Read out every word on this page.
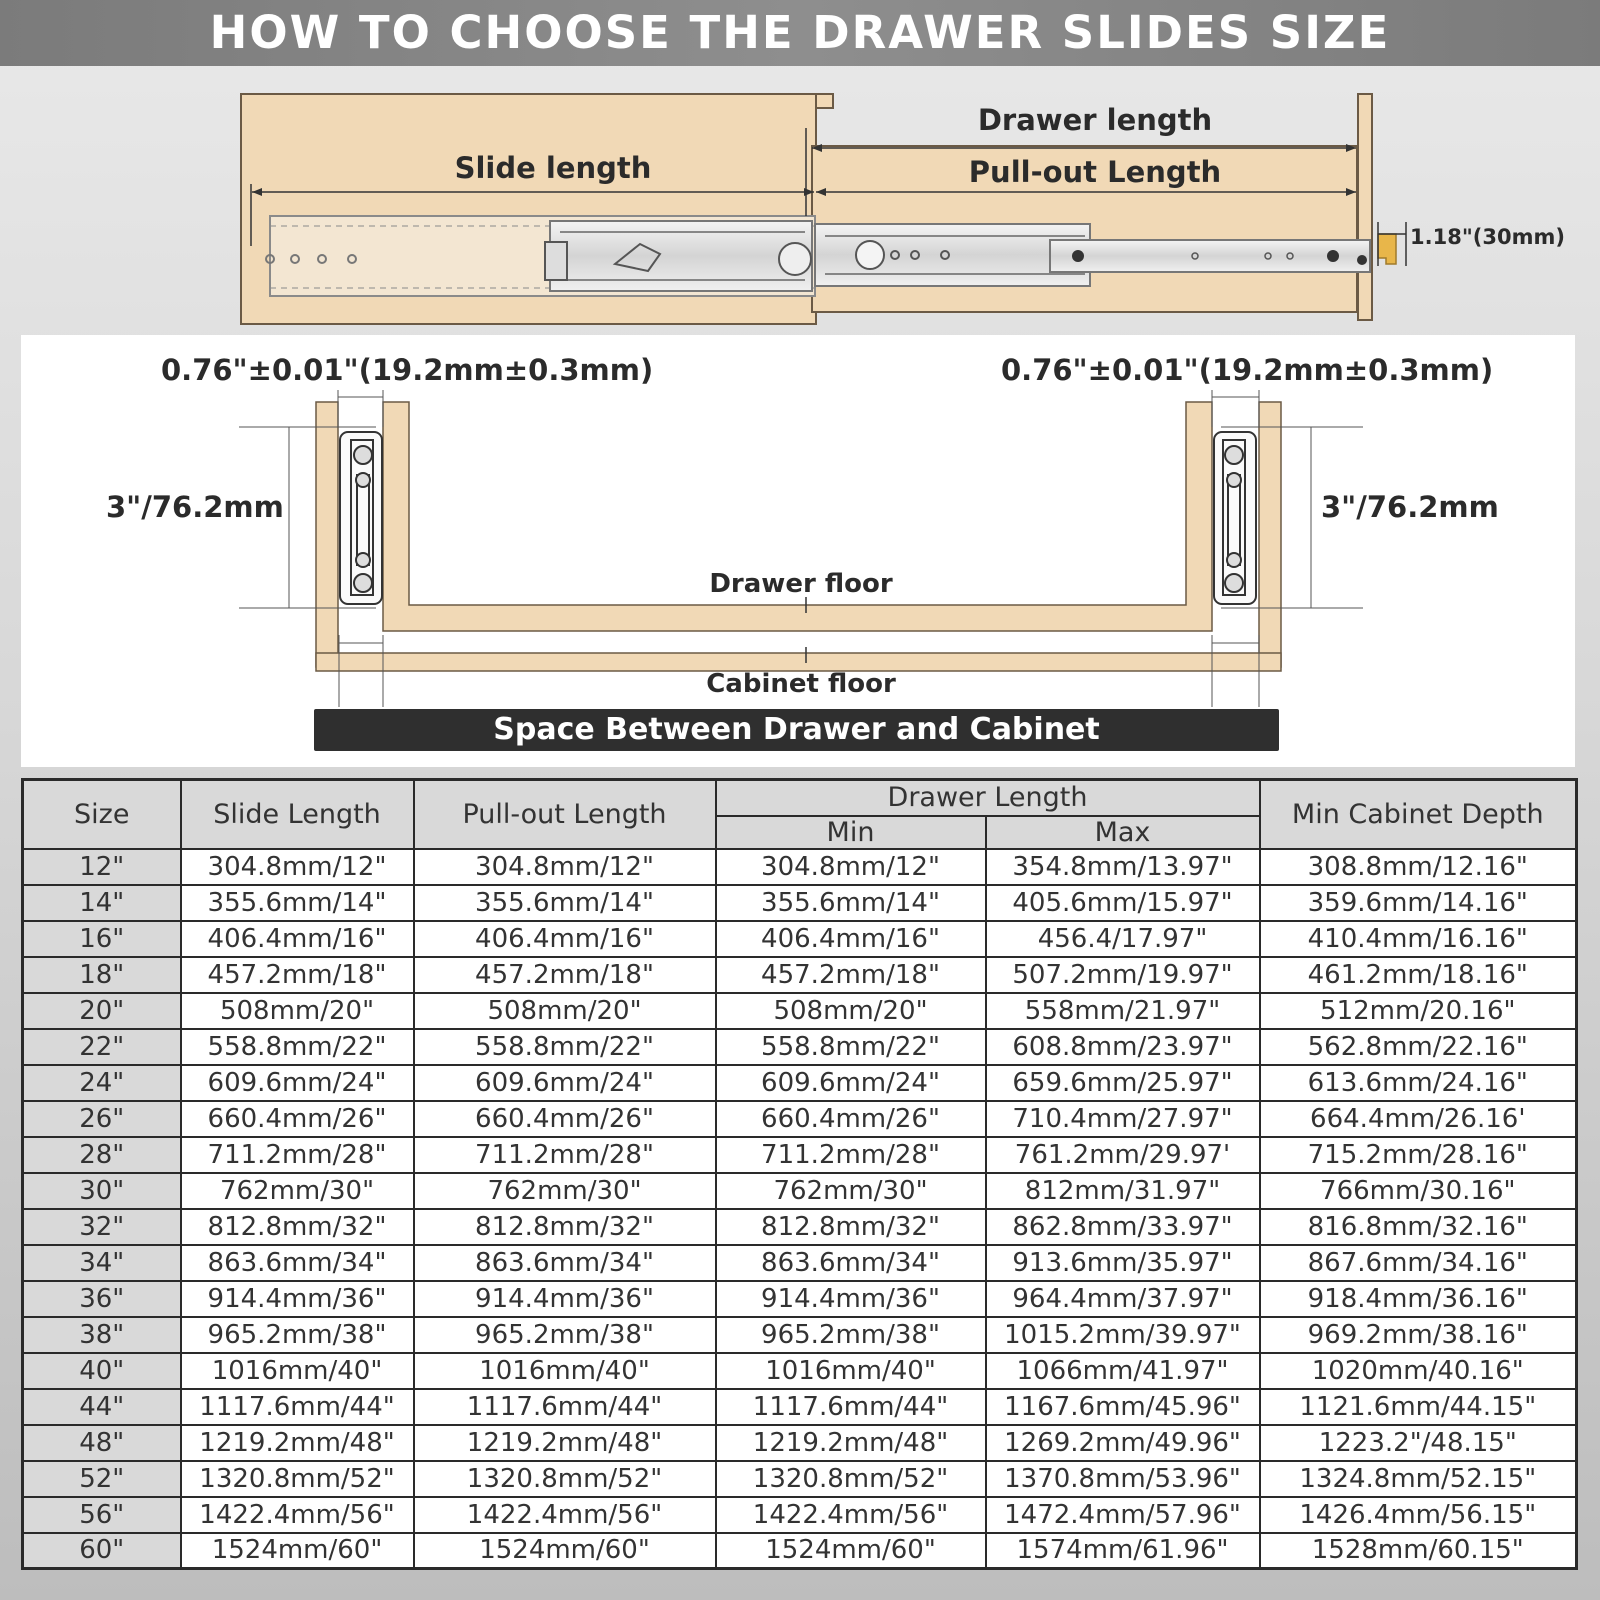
HOW TO CHOOSE THE DRAWER SLIDES SIZE
Drawer length
Slide length	Pull-out Length
1.18"(30mm)
0.76"±0.01"(19.2mm±0.3mm)	0.76"±0.01"(19.2mm±0.3mm)
3"/76.2mm	3"/76.2mm
Drawer floor
Cabinet floor
Space Between Drawer and Cabinet
Size	Slide Length	Pull-out Length	Drawer Length		Min Cabinet Depth
			Min	Max	
12"	304.8mm/12"	304.8mm/12"	304.8mm/12"	354.8mm/13.97"	308.8mm/12.16"
14"	355.6mm/14"	355.6mm/14"	355.6mm/14"	405.6mm/15.97"	359.6mm/14.16"
16"	406.4mm/16"	406.4mm/16"	406.4mm/16"	456.4/17.97"	410.4mm/16.16"
18"	457.2mm/18"	457.2mm/18"	457.2mm/18"	507.2mm/19.97"	461.2mm/18.16"
20"	508mm/20"	508mm/20"	508mm/20"	558mm/21.97"	512mm/20.16"
22"	558.8mm/22"	558.8mm/22"	558.8mm/22"	608.8mm/23.97"	562.8mm/22.16"
24"	609.6mm/24"	609.6mm/24"	609.6mm/24"	659.6mm/25.97"	613.6mm/24.16"
26"	660.4mm/26"	660.4mm/26"	660.4mm/26"	710.4mm/27.97"	664.4mm/26.16'
28"	711.2mm/28"	711.2mm/28"	711.2mm/28"	761.2mm/29.97'	715.2mm/28.16"
30"	762mm/30"	762mm/30"	762mm/30"	812mm/31.97"	766mm/30.16"
32"	812.8mm/32"	812.8mm/32"	812.8mm/32"	862.8mm/33.97"	816.8mm/32.16"
34"	863.6mm/34"	863.6mm/34"	863.6mm/34"	913.6mm/35.97"	867.6mm/34.16"
36"	914.4mm/36"	914.4mm/36"	914.4mm/36"	964.4mm/37.97"	918.4mm/36.16"
38"	965.2mm/38"	965.2mm/38"	965.2mm/38"	1015.2mm/39.97"	969.2mm/38.16"
40"	1016mm/40"	1016mm/40"	1016mm/40"	1066mm/41.97"	1020mm/40.16"
44"	1117.6mm/44"	1117.6mm/44"	1117.6mm/44"	1167.6mm/45.96"	1121.6mm/44.15"
48"	1219.2mm/48"	1219.2mm/48"	1219.2mm/48"	1269.2mm/49.96"	1223.2"/48.15"
52"	1320.8mm/52"	1320.8mm/52"	1320.8mm/52"	1370.8mm/53.96"	1324.8mm/52.15"
56"	1422.4mm/56"	1422.4mm/56"	1422.4mm/56"	1472.4mm/57.96"	1426.4mm/56.15"
60"	1524mm/60"	1524mm/60"	1524mm/60"	1574mm/61.96"	1528mm/60.15"
